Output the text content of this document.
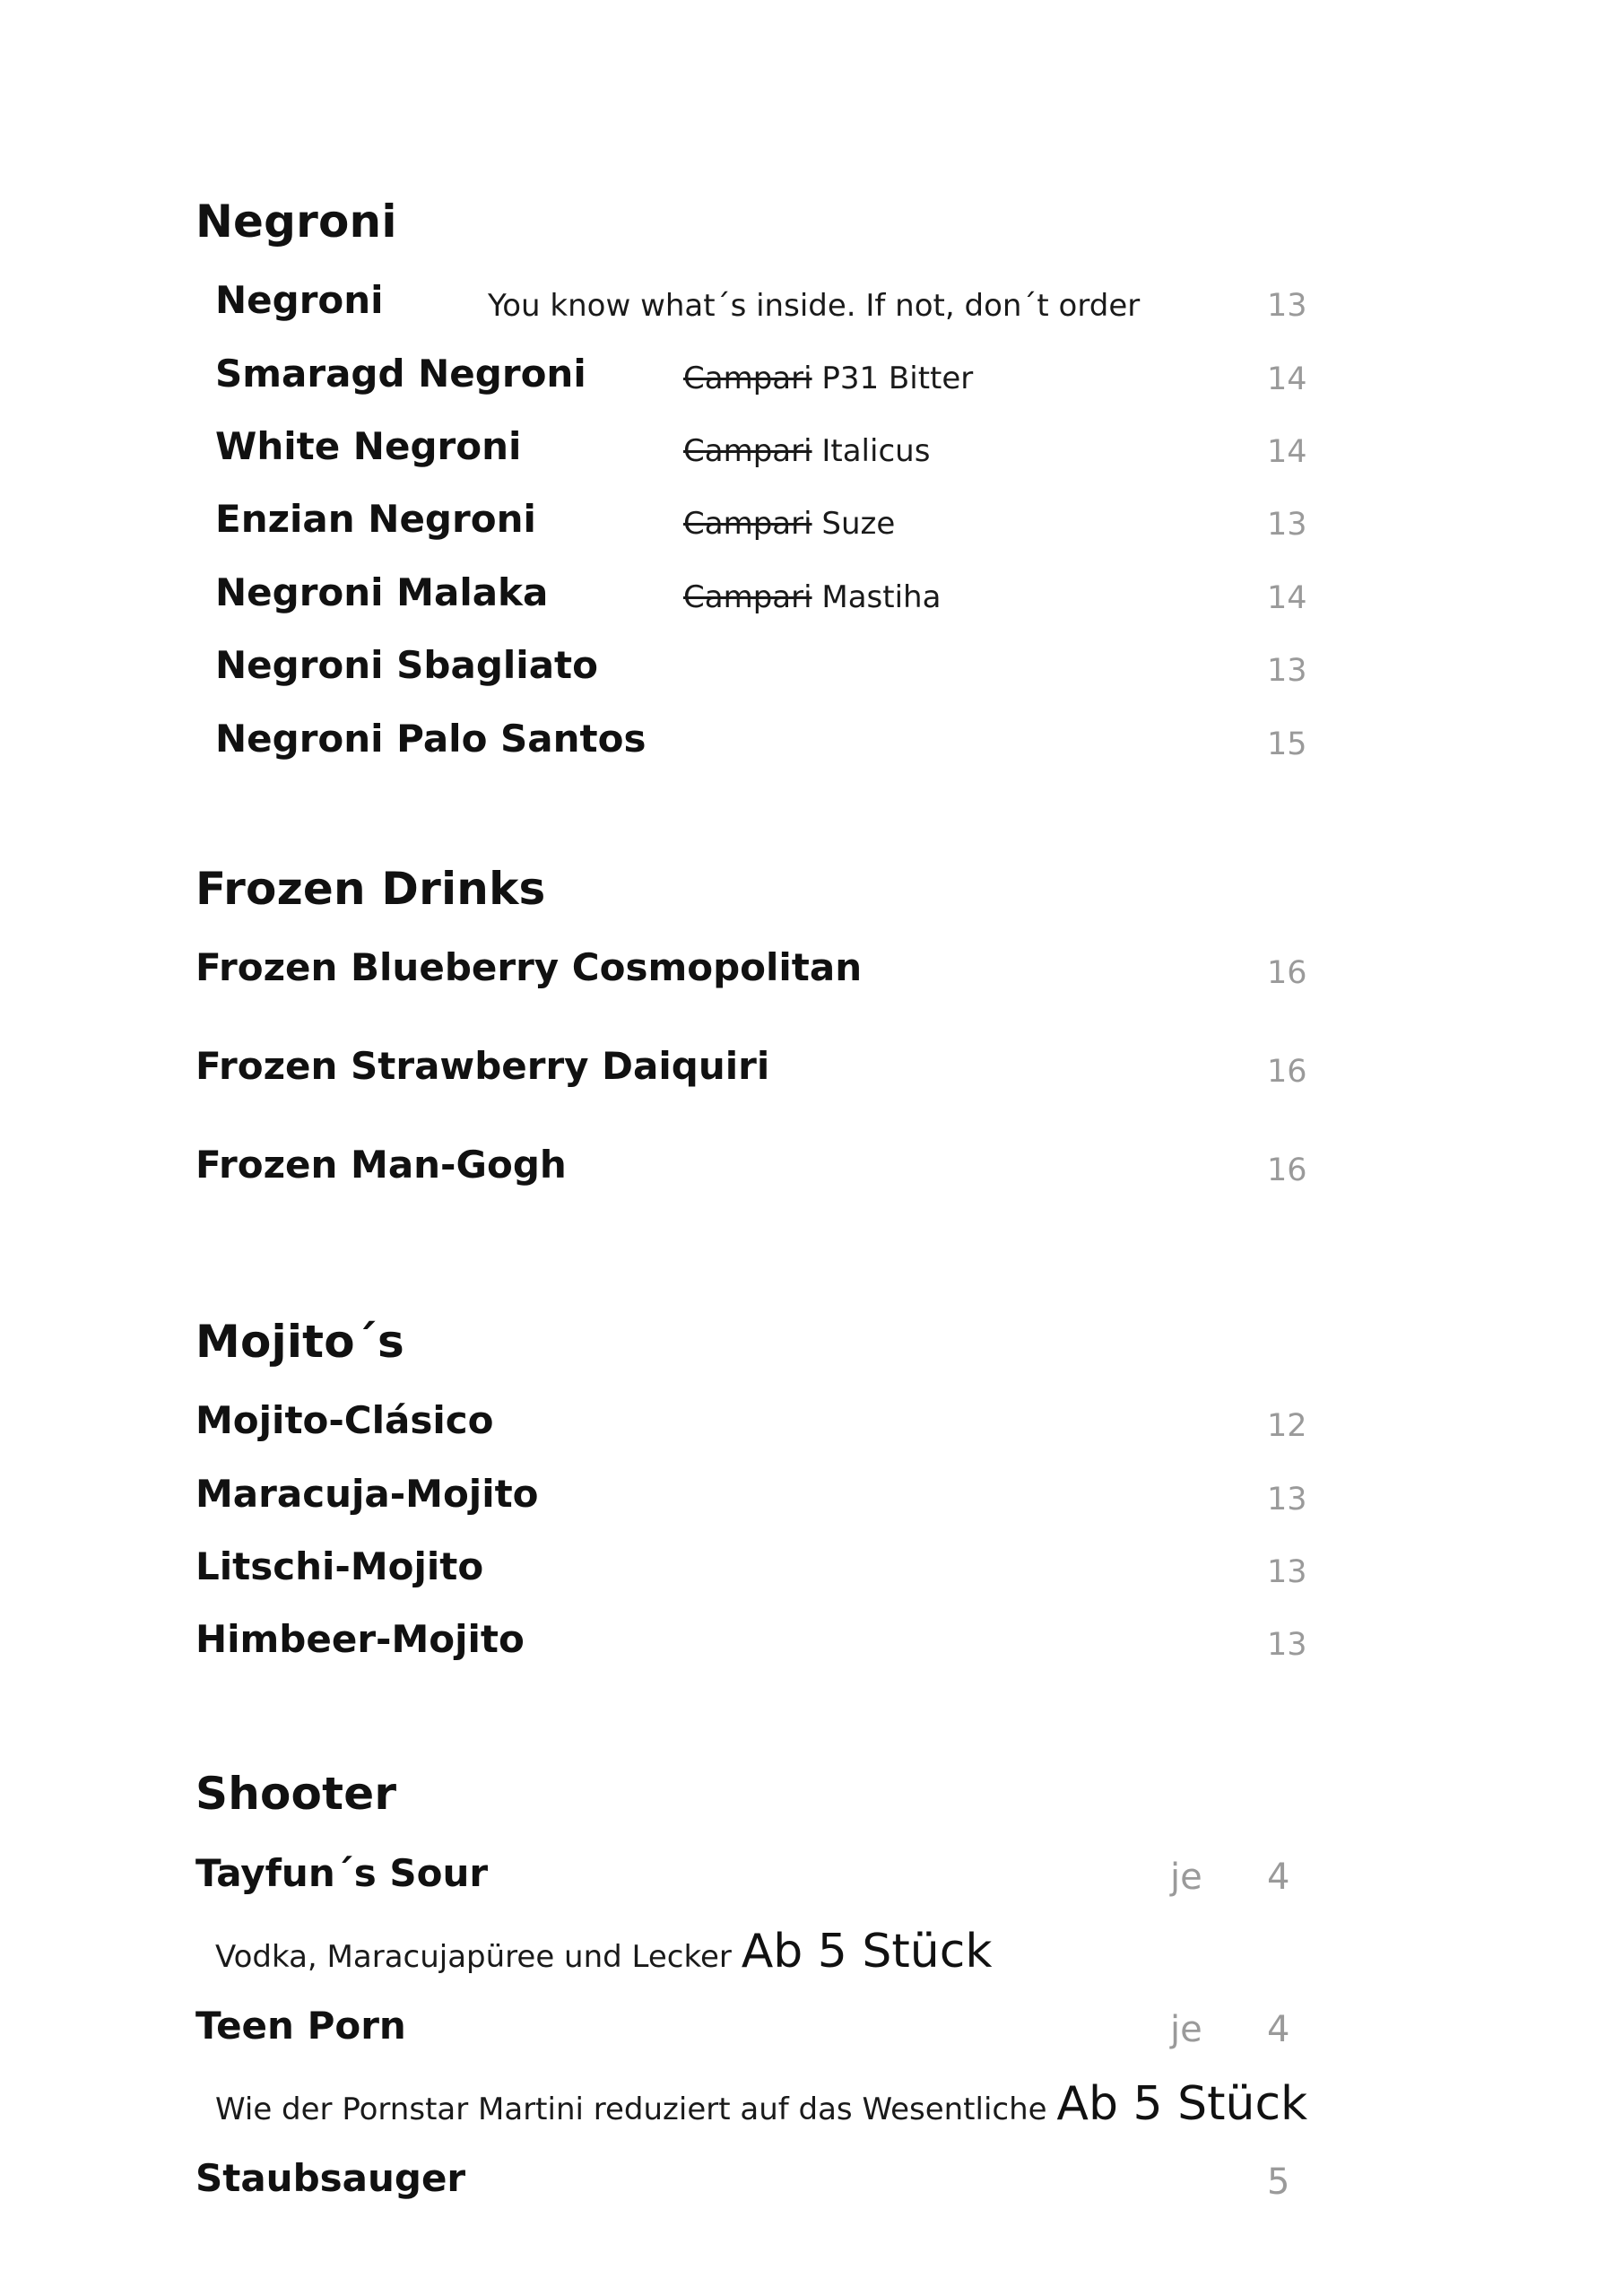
Negroni
Negroni	You know what´s inside. If not, don´t order	13
Smaragd Negroni	Campari P31 Bitter	14
White Negroni	Campari Italicus	14
Enzian Negroni	Campari Suze	13
Negroni Malaka	Campari Mastiha	14
Negroni Sbagliato	13
Negroni Palo Santos	15
Frozen Drinks
Frozen Blueberry Cosmopolitan	16
Frozen Strawberry Daiquiri	16
Frozen Man-Gogh	16
Mojito´s
Mojito-Clásico	12
Maracuja-Mojito	13
Litschi-Mojito	13
Himbeer-Mojito	13
Shooter
Tayfun´s Sour	je 4
Vodka, Maracujapüree und Lecker Ab 5 Stück
Teen Porn	je 4
Wie der Pornstar Martini reduziert auf das Wesentliche Ab 5 Stück
Staubsauger	5
